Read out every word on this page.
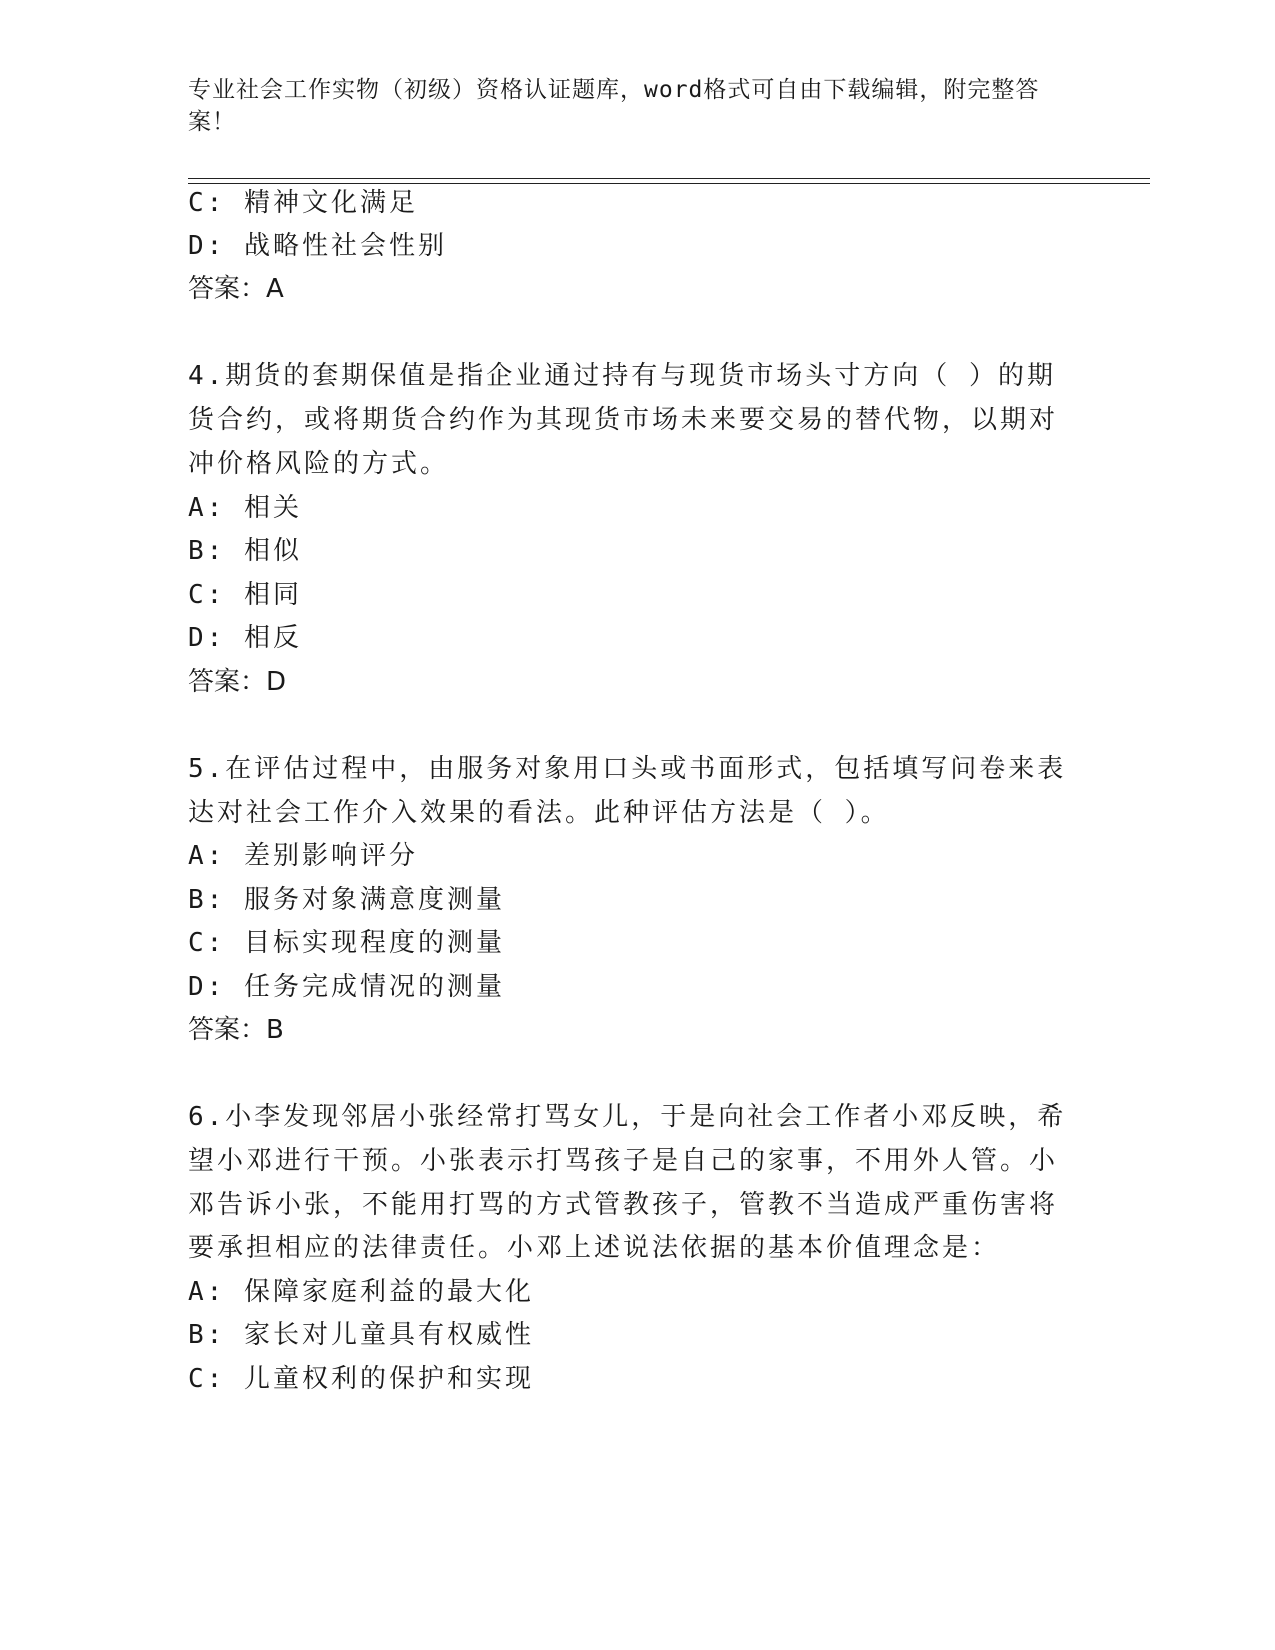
专业社会工作实物（初级）资格认证题库，word格式可自由下载编辑，附完整答案！
C: 精神文化满足
D: 战略性社会性别
答案：A
4.期货的套期保值是指企业通过持有与现货市场头寸方向（ ）的期
货合约，或将期货合约作为其现货市场未来要交易的替代物，以期对
冲价格风险的方式。
A: 相关
B: 相似
C: 相同
D: 相反
答案：D
5.在评估过程中，由服务对象用口头或书面形式，包括填写问卷来表
达对社会工作介入效果的看法。此种评估方法是（ ）。
A: 差别影响评分
B: 服务对象满意度测量
C: 目标实现程度的测量
D: 任务完成情况的测量
答案：B
6.小李发现邻居小张经常打骂女儿，于是向社会工作者小邓反映，希
望小邓进行干预。小张表示打骂孩子是自己的家事，不用外人管。小
邓告诉小张，不能用打骂的方式管教孩子，管教不当造成严重伤害将
要承担相应的法律责任。小邓上述说法依据的基本价值理念是：
A: 保障家庭利益的最大化
B: 家长对儿童具有权威性
C: 儿童权利的保护和实现
